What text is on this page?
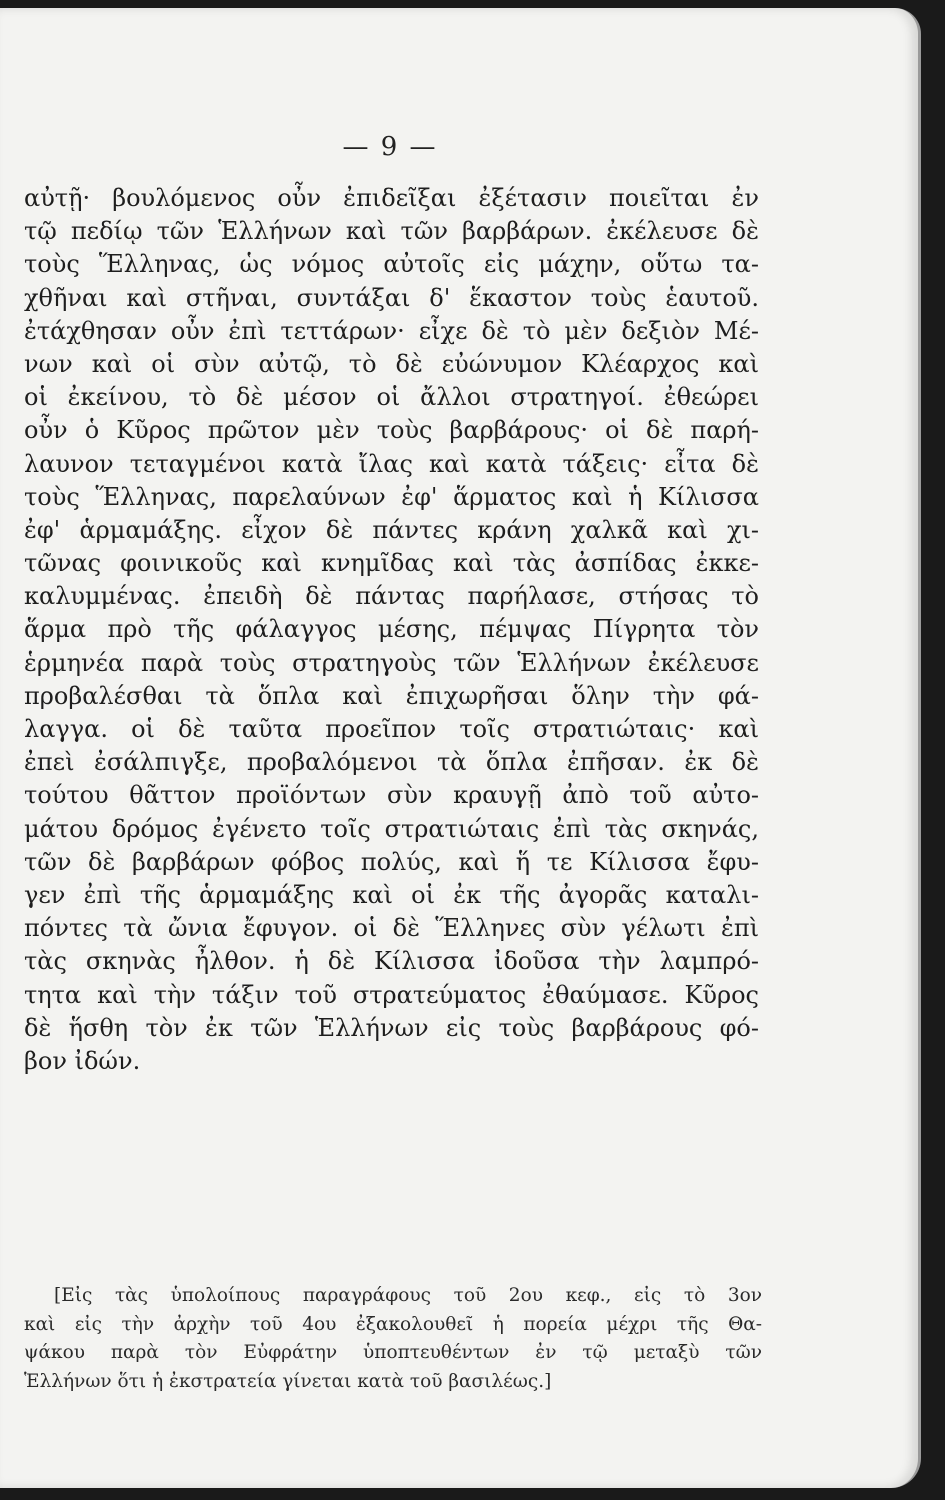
— 9 —
αὐτῇ· βουλόμενος οὖν ἐπιδεῖξαι ἐξέτασιν ποιεῖται ἐν
τῷ πεδίῳ τῶν Ἑλλήνων καὶ τῶν βαρβάρων. ἐκέλευσε δὲ
τοὺς Ἕλληνας, ὡς νόμος αὐτοῖς εἰς μάχην, οὕτω τα-
χθῆναι καὶ στῆναι, συντάξαι δ' ἕκαστον τοὺς ἑαυτοῦ.
ἐτάχθησαν οὖν ἐπὶ τεττάρων· εἶχε δὲ τὸ μὲν δεξιὸν Μέ-
νων καὶ οἱ σὺν αὐτῷ, τὸ δὲ εὐώνυμον Κλέαρχος καὶ
οἱ ἐκείνου, τὸ δὲ μέσον οἱ ἄλλοι στρατηγοί. ἐθεώρει
οὖν ὁ Κῦρος πρῶτον μὲν τοὺς βαρβάρους· οἱ δὲ παρή-
λαυνον τεταγμένοι κατὰ ἴλας καὶ κατὰ τάξεις· εἶτα δὲ
τοὺς Ἕλληνας, παρελαύνων ἐφ' ἅρματος καὶ ἡ Κίλισσα
ἐφ' ἁρμαμάξης. εἶχον δὲ πάντες κράνη χαλκᾶ καὶ χι-
τῶνας φοινικοῦς καὶ κνημῖδας καὶ τὰς ἀσπίδας ἐκκε-
καλυμμένας. ἐπειδὴ δὲ πάντας παρήλασε, στήσας τὸ
ἅρμα πρὸ τῆς φάλαγγος μέσης, πέμψας Πίγρητα τὸν
ἑρμηνέα παρὰ τοὺς στρατηγοὺς τῶν Ἑλλήνων ἐκέλευσε
προβαλέσθαι τὰ ὅπλα καὶ ἐπιχωρῆσαι ὅλην τὴν φά-
λαγγα. οἱ δὲ ταῦτα προεῖπον τοῖς στρατιώταις· καὶ
ἐπεὶ ἐσάλπιγξε, προβαλόμενοι τὰ ὅπλα ἐπῆσαν. ἐκ δὲ
τούτου θᾶττον προϊόντων σὺν κραυγῇ ἀπὸ τοῦ αὐτο-
μάτου δρόμος ἐγένετο τοῖς στρατιώταις ἐπὶ τὰς σκηνάς,
τῶν δὲ βαρβάρων φόβος πολύς, καὶ ἥ τε Κίλισσα ἔφυ-
γεν ἐπὶ τῆς ἁρμαμάξης καὶ οἱ ἐκ τῆς ἀγορᾶς καταλι-
πόντες τὰ ὤνια ἔφυγον. οἱ δὲ Ἕλληνες σὺν γέλωτι ἐπὶ
τὰς σκηνὰς ἦλθον. ἡ δὲ Κίλισσα ἰδοῦσα τὴν λαμπρό-
τητα καὶ τὴν τάξιν τοῦ στρατεύματος ἐθαύμασε. Κῦρος
δὲ ἥσθη τὸν ἐκ τῶν Ἑλλήνων εἰς τοὺς βαρβάρους φό-
βον ἰδών.
[Εἰς τὰς ὑπολοίπους παραγράφους τοῦ 2ου κεφ., εἰς τὸ 3ον
καὶ εἰς τὴν ἀρχὴν τοῦ 4ου ἐξακολουθεῖ ἡ πορεία μέχρι τῆς Θα-
ψάκου παρὰ τὸν Εὐφράτην ὑποπτευθέντων ἐν τῷ μεταξὺ τῶν
Ἑλλήνων ὅτι ἡ ἐκστρατεία γίνεται κατὰ τοῦ βασιλέως.]
